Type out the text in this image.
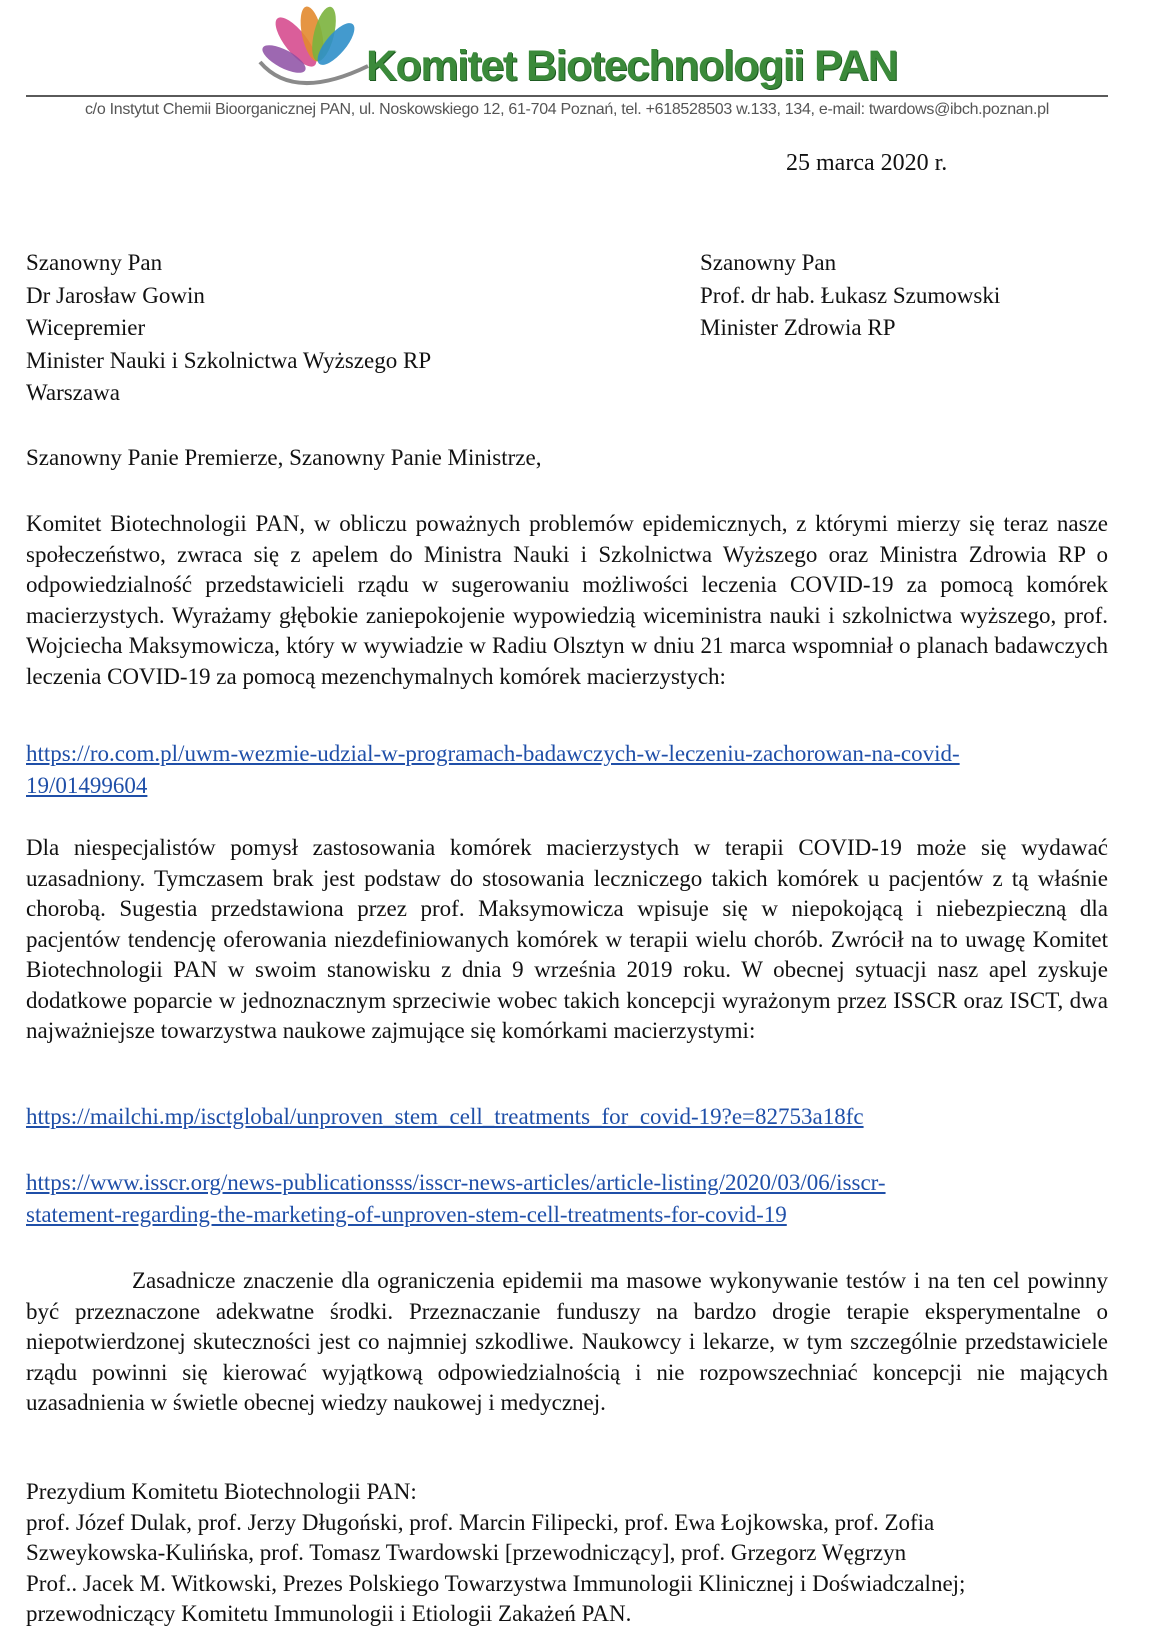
Komitet Biotechnologii PAN
c/o Instytut Chemii Bioorganicznej PAN, ul. Noskowskiego 12, 61-704 Poznań, tel. +618528503 w.133, 134, e-mail: twardows@ibch.poznan.pl
25 marca 2020 r.
Szanowny Pan
Dr Jarosław Gowin
Wicepremier
Minister Nauki i Szkolnictwa Wyższego RP
Warszawa
Szanowny Pan
Prof. dr hab. Łukasz Szumowski
Minister Zdrowia RP
Szanowny Panie Premierze, Szanowny Panie Ministrze,
Komitet Biotechnologii PAN, w obliczu poważnych problemów epidemicznych, z którymi mierzy się teraz nasze społeczeństwo, zwraca się z apelem do Ministra Nauki i Szkolnictwa Wyższego oraz Ministra Zdrowia RP o odpowiedzialność przedstawicieli rządu w sugerowaniu możliwości leczenia COVID-19 za pomocą komórek macierzystych. Wyrażamy głębokie zaniepokojenie wypowiedzią wiceministra nauki i szkolnictwa wyższego, prof. Wojciecha Maksymowicza, który w wywiadzie w Radiu Olsztyn w dniu 21 marca wspomniał o planach badawczych leczenia COVID-19 za pomocą mezenchymalnych komórek macierzystych:
https://ro.com.pl/uwm-wezmie-udzial-w-programach-badawczych-w-leczeniu-zachorowan-na-covid-
19/01499604
Dla niespecjalistów pomysł zastosowania komórek macierzystych w terapii COVID-19 może się wydawać uzasadniony. Tymczasem brak jest podstaw do stosowania leczniczego takich komórek u pacjentów z tą właśnie chorobą. Sugestia przedstawiona przez prof. Maksymowicza wpisuje się w niepokojącą i niebezpieczną dla pacjentów tendencję oferowania niezdefiniowanych komórek w terapii wielu chorób. Zwrócił na to uwagę Komitet Biotechnologii PAN w swoim stanowisku z dnia 9 września 2019 roku. W obecnej sytuacji nasz apel zyskuje dodatkowe poparcie w jednoznacznym sprzeciwie wobec takich koncepcji wyrażonym przez ISSCR oraz ISCT, dwa najważniejsze towarzystwa naukowe zajmujące się komórkami macierzystymi:
https://mailchi.mp/isctglobal/unproven_stem_cell_treatments_for_covid-19?e=82753a18fc
https://www.isscr.org/news-publicationsss/isscr-news-articles/article-listing/2020/03/06/isscr-
statement-regarding-the-marketing-of-unproven-stem-cell-treatments-for-covid-19
Zasadnicze znaczenie dla ograniczenia epidemii ma masowe wykonywanie testów i na ten cel powinny być przeznaczone adekwatne środki. Przeznaczanie funduszy na bardzo drogie terapie eksperymentalne o niepotwierdzonej skuteczności jest co najmniej szkodliwe. Naukowcy i lekarze, w tym szczególnie przedstawiciele rządu powinni się kierować wyjątkową odpowiedzialnością i nie rozpowszechniać koncepcji nie mających uzasadnienia w świetle obecnej wiedzy naukowej i medycznej.
Prezydium Komitetu Biotechnologii PAN:
prof. Józef Dulak, prof. Jerzy Długoński, prof. Marcin Filipecki, prof. Ewa Łojkowska, prof. Zofia
Szweykowska-Kulińska, prof. Tomasz Twardowski [przewodniczący], prof. Grzegorz Węgrzyn
Prof.. Jacek M. Witkowski, Prezes Polskiego Towarzystwa Immunologii Klinicznej i Doświadczalnej;
przewodniczący Komitetu Immunologii i Etiologii Zakażeń PAN.
